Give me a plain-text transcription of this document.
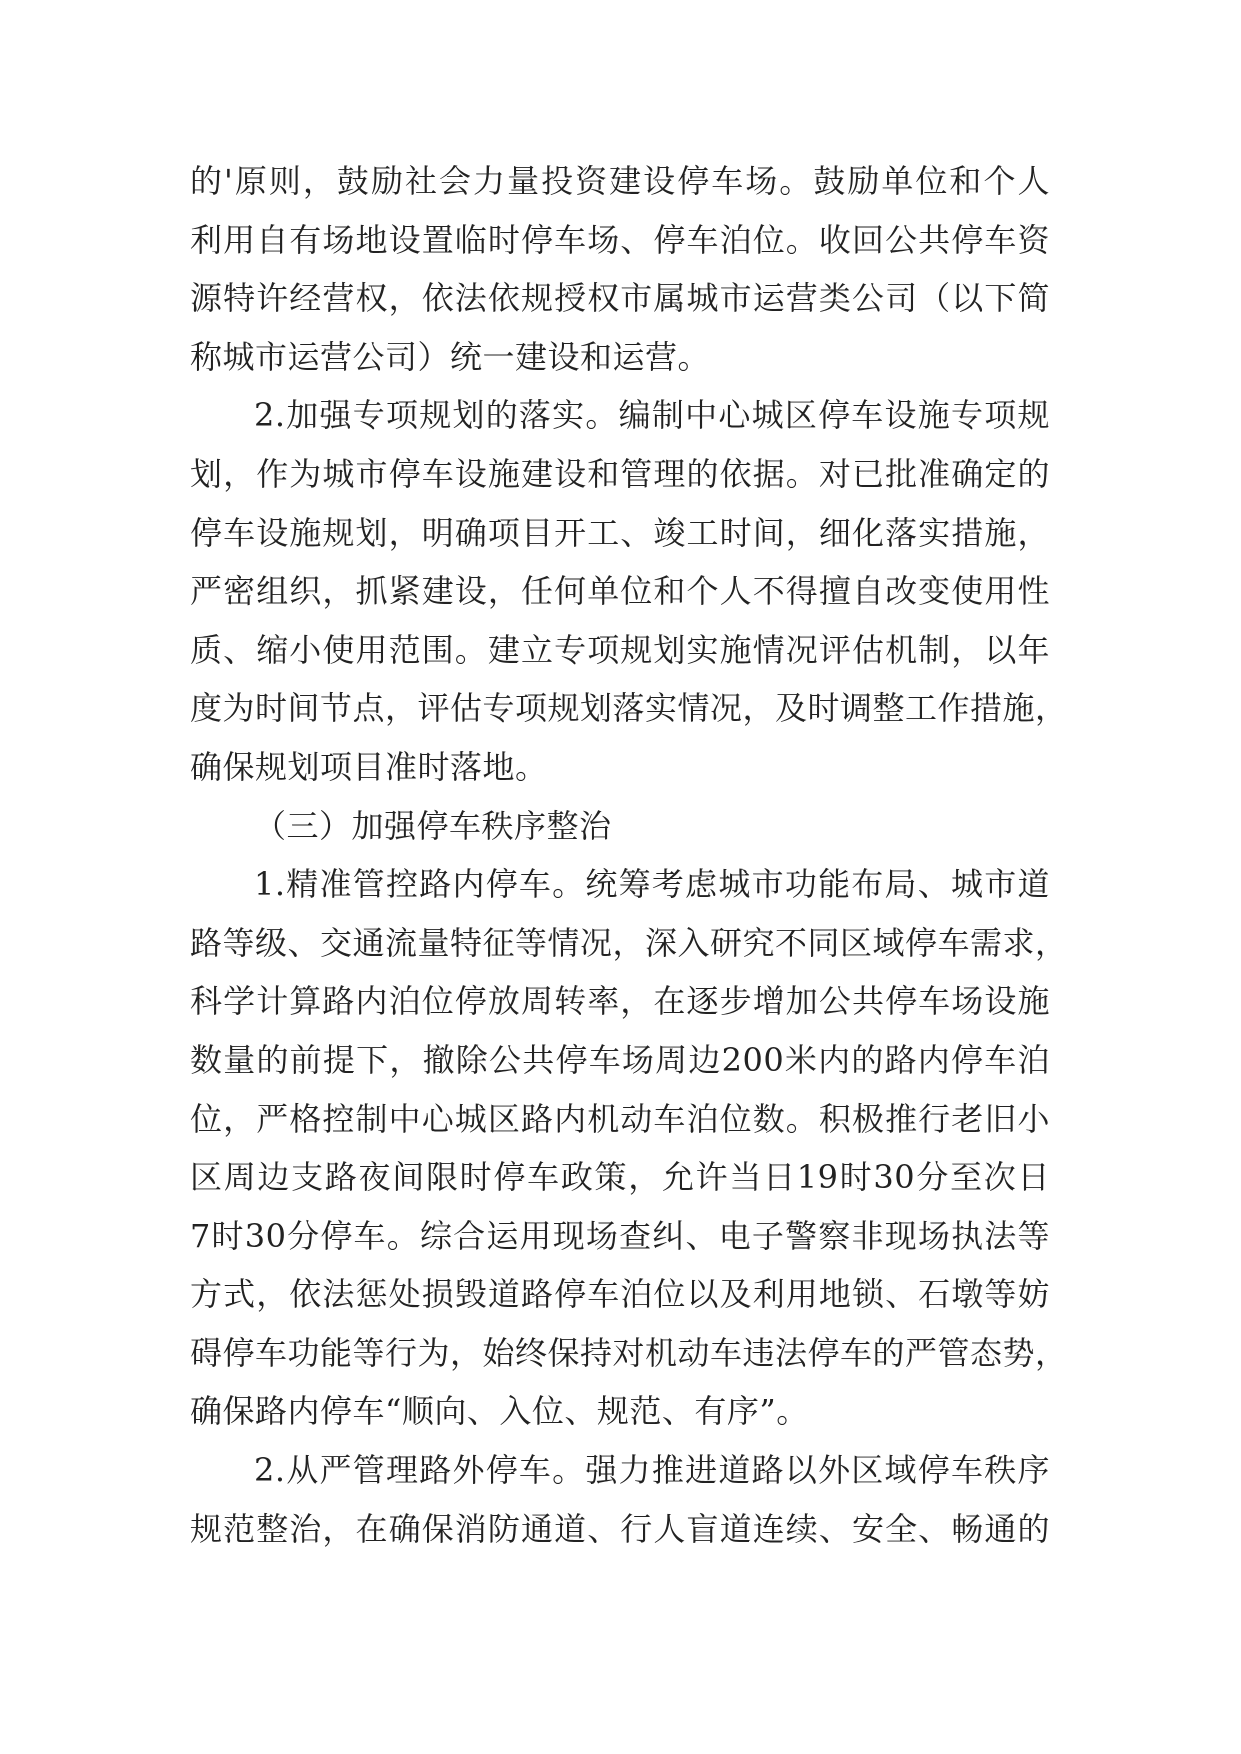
的'原则，鼓励社会力量投资建设停车场。鼓励单位和个人
利用自有场地设置临时停车场、停车泊位。收回公共停车资
源特许经营权，依法依规授权市属城市运营类公司（以下简
称城市运营公司）统一建设和运营。
2.加强专项规划的落实。编制中心城区停车设施专项规
划，作为城市停车设施建设和管理的依据。对已批准确定的
停车设施规划，明确项目开工、竣工时间，细化落实措施，
严密组织，抓紧建设，任何单位和个人不得擅自改变使用性
质、缩小使用范围。建立专项规划实施情况评估机制，以年
度为时间节点，评估专项规划落实情况，及时调整工作措施，
确保规划项目准时落地。
（三）加强停车秩序整治
1.精准管控路内停车。统筹考虑城市功能布局、城市道
路等级、交通流量特征等情况，深入研究不同区域停车需求，
科学计算路内泊位停放周转率，在逐步增加公共停车场设施
数量的前提下，撤除公共停车场周边200米内的路内停车泊
位，严格控制中心城区路内机动车泊位数。积极推行老旧小
区周边支路夜间限时停车政策，允许当日19时30分至次日
7时30分停车。综合运用现场查纠、电子警察非现场执法等
方式，依法惩处损毁道路停车泊位以及利用地锁、石墩等妨
碍停车功能等行为，始终保持对机动车违法停车的严管态势，
确保路内停车“顺向、入位、规范、有序”。
2.从严管理路外停车。强力推进道路以外区域停车秩序
规范整治，在确保消防通道、行人盲道连续、安全、畅通的
